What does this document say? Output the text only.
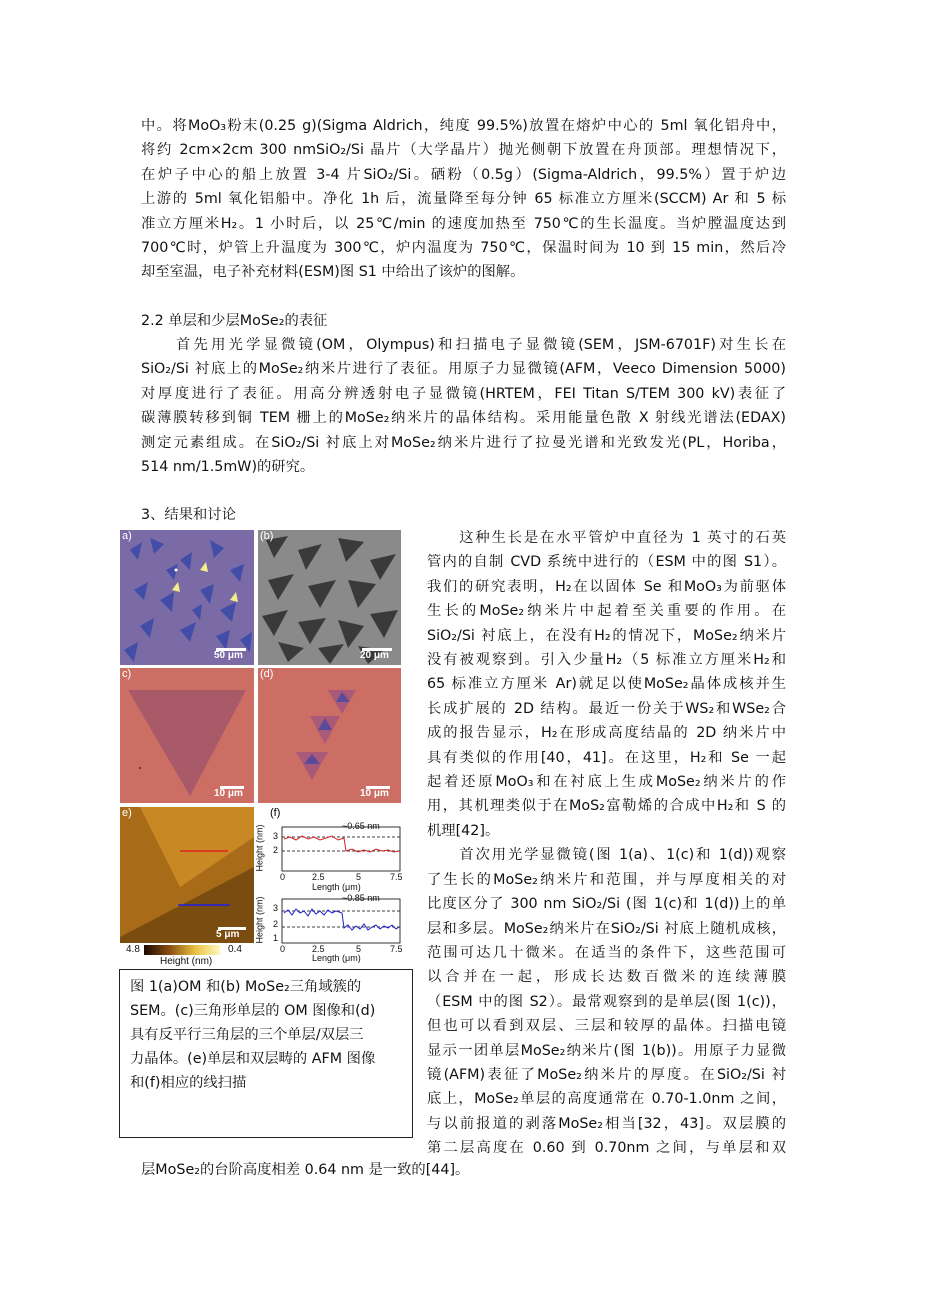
中。将MoO₃粉末(0.25 g)(Sigma Aldrich，纯度 99.5%)放置在熔炉中心的 5ml 氧化铝舟中，
将约 2cm×2cm 300 nmSiO₂/Si 晶片（大学晶片）抛光侧朝下放置在舟顶部。理想情况下，
在炉子中心的船上放置 3-4 片SiO₂/Si。硒粉（0.5g）(Sigma-Aldrich，99.5%）置于炉边
上游的 5ml 氧化铝船中。净化 1h 后，流量降至每分钟 65 标准立方厘米(SCCM) Ar 和 5 标
准立方厘米H₂。1 小时后，以 25℃/min 的速度加热至 750℃的生长温度。当炉膛温度达到
700℃时，炉管上升温度为 300℃，炉内温度为 750℃，保温时间为 10 到 15 min，然后冷
却至室温，电子补充材料(ESM)图 S1 中给出了该炉的图解。
2.2 单层和少层MoSe₂的表征
　　首先用光学显微镜(OM，Olympus)和扫描电子显微镜(SEM，JSM-6701F)对生长在
SiO₂/Si 衬底上的MoSe₂纳米片进行了表征。用原子力显微镜(AFM，Veeco Dimension 5000)
对厚度进行了表征。用高分辨透射电子显微镜(HRTEM，FEI Titan S/TEM 300 kV)表征了
碳薄膜转移到铜 TEM 栅上的MoSe₂纳米片的晶体结构。采用能量色散 X 射线光谱法(EDAX)
测定元素组成。在SiO₂/Si 衬底上对MoSe₂纳米片进行了拉曼光谱和光致发光(PL，Horiba，
514 nm/1.5mW)的研究。
3、结果和讨论
a)
50 μm
(b)
20 μm
c)
10 μm
(d)
10 μm
e)
5 μm
4.8	0.4
Height (nm)
(f)
~0.65 nm
~0.85 nm
3
2
3
2
1
0	2.5	5	7.5
Length (μm)
0	2.5	5	7.5
Length (μm)
Height (nm)
Height (nm)
图 1(a)OM 和(b) MoSe₂三角域簇的
SEM。(c)三角形单层的 OM 图像和(d)
具有反平行三角层的三个单层/双层三
力晶体。(e)单层和双层畴的 AFM 图像
和(f)相应的线扫描
　　这种生长是在水平管炉中直径为 1 英寸的石英
管内的自制 CVD 系统中进行的（ESM 中的图 S1）。
我们的研究表明，H₂在以固体 Se 和MoO₃为前驱体
生长的MoSe₂纳米片中起着至关重要的作用。在
SiO₂/Si 衬底上，在没有H₂的情况下，MoSe₂纳米片
没有被观察到。引入少量H₂（5 标准立方厘米H₂和
65 标准立方厘米 Ar)就足以使MoSe₂晶体成核并生
长成扩展的 2D 结构。最近一份关于WS₂和WSe₂合
成的报告显示，H₂在形成高度结晶的 2D 纳米片中
具有类似的作用[40，41]。在这里，H₂和 Se 一起
起着还原MoO₃和在衬底上生成MoSe₂纳米片的作
用，其机理类似于在MoS₂富勒烯的合成中H₂和 S 的
机理[42]。
　　首次用光学显微镜(图 1(a)、1(c)和 1(d))观察
了生长的MoSe₂纳米片和范围，并与厚度相关的对
比度区分了 300 nm SiO₂/Si (图 1(c)和 1(d))上的单
层和多层。MoSe₂纳米片在SiO₂/Si 衬底上随机成核，
范围可达几十微米。在适当的条件下，这些范围可
以合并在一起，形成长达数百微米的连续薄膜
（ESM 中的图 S2）。最常观察到的是单层(图 1(c))，
但也可以看到双层、三层和较厚的晶体。扫描电镜
显示一团单层MoSe₂纳米片(图 1(b))。用原子力显微
镜(AFM)表征了MoSe₂纳米片的厚度。在SiO₂/Si 衬
底上，MoSe₂单层的高度通常在 0.70-1.0nm 之间，
与以前报道的剥落MoSe₂相当[32，43]。双层膜的
第二层高度在 0.60 到 0.70nm 之间，与单层和双
层MoSe₂的台阶高度相差 0.64 nm 是一致的[44]。
